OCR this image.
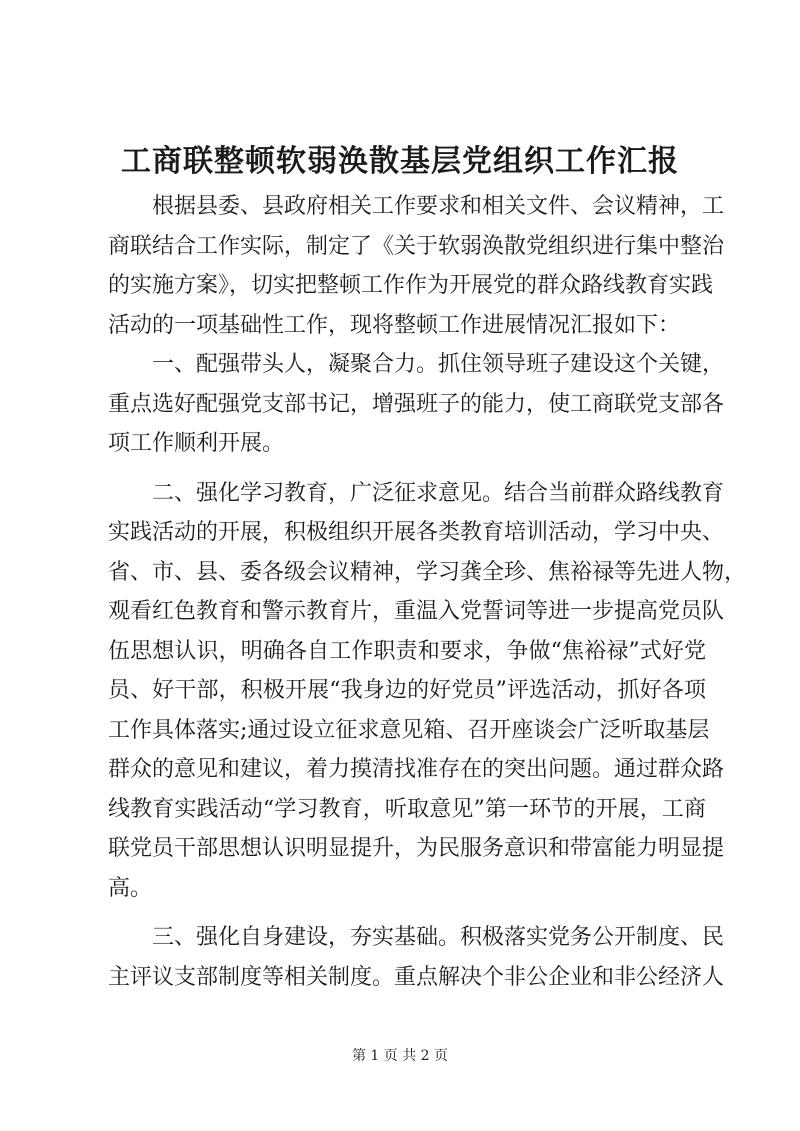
工商联整顿软弱涣散基层党组织工作汇报
根据县委、县政府相关工作要求和相关文件、会议精神，工
商联结合工作实际，制定了《关于软弱涣散党组织进行集中整治
的实施方案》，切实把整顿工作作为开展党的群众路线教育实践
活动的一项基础性工作，现将整顿工作进展情况汇报如下：
一、配强带头人，凝聚合力。抓住领导班子建设这个关键，
重点选好配强党支部书记，增强班子的能力，使工商联党支部各
项工作顺利开展。
二、强化学习教育，广泛征求意见。结合当前群众路线教育
实践活动的开展，积极组织开展各类教育培训活动，学习中央、
省、市、县、委各级会议精神，学习龚全珍、焦裕禄等先进人物，
观看红色教育和警示教育片，重温入党誓词等进一步提高党员队
伍思想认识，明确各自工作职责和要求，争做“焦裕禄”式好党
员、好干部，积极开展“我身边的好党员”评选活动，抓好各项
工作具体落实;通过设立征求意见箱、召开座谈会广泛听取基层
群众的意见和建议，着力摸清找准存在的突出问题。通过群众路
线教育实践活动“学习教育，听取意见”第一环节的开展，工商
联党员干部思想认识明显提升，为民服务意识和带富能力明显提
高。
三、强化自身建设，夯实基础。积极落实党务公开制度、民
主评议支部制度等相关制度。重点解决个非公企业和非公经济人
第 1 页 共 2 页
